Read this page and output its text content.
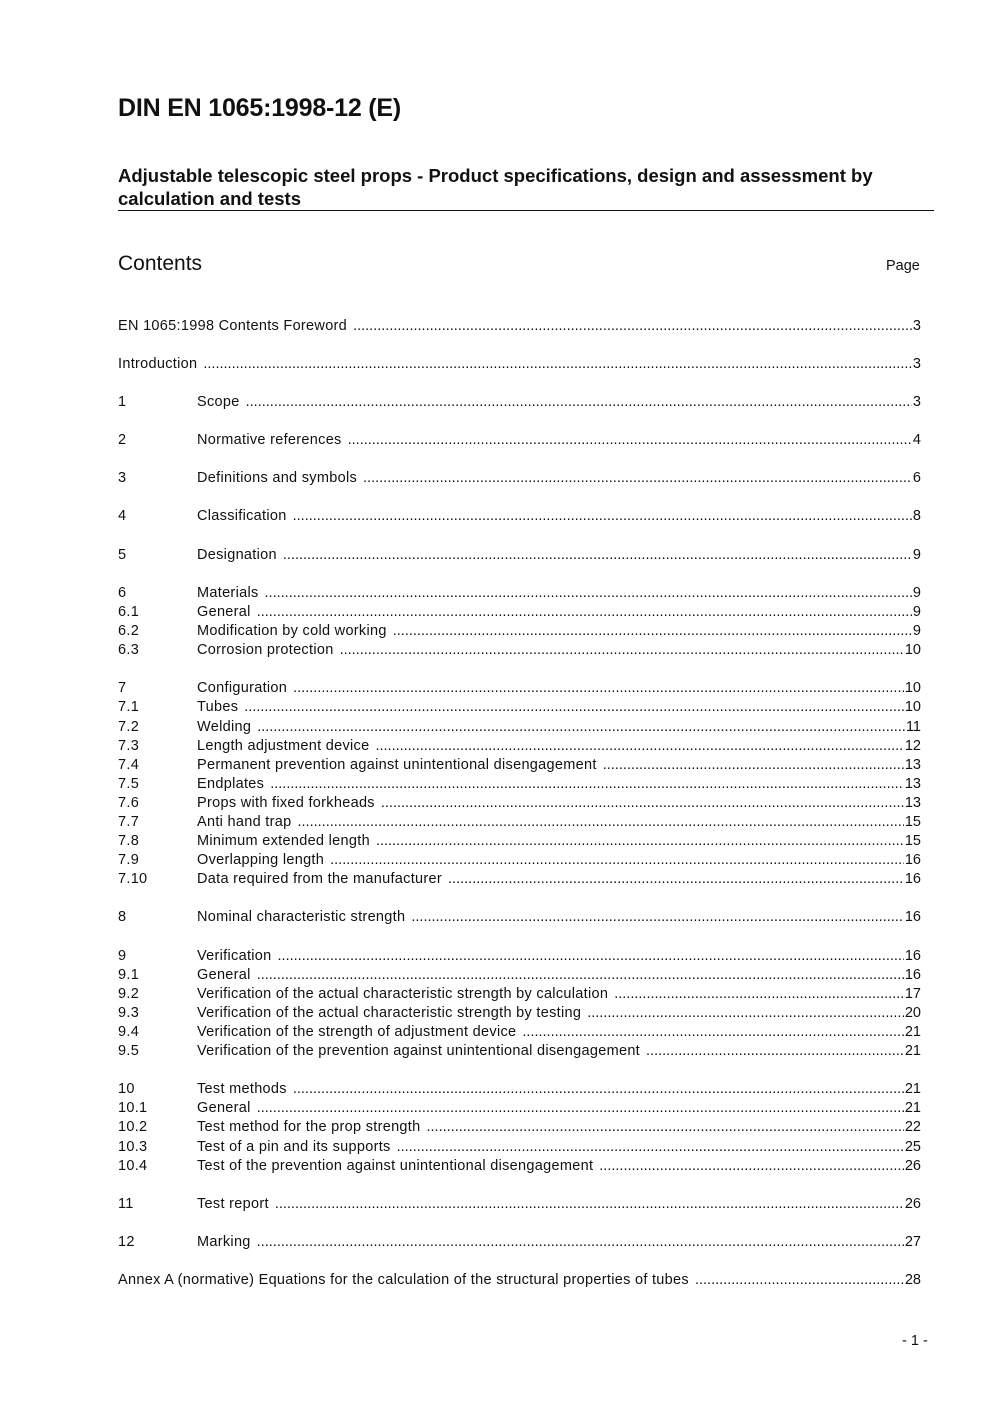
DIN EN 1065:1998-12 (E)
Adjustable telescopic steel props - Product specifications, design and assessment by calculation and tests
Contents	Page
EN 1065:1998 Contents Foreword .....	3
Introduction .....	3
1	Scope .....	3
2	Normative references .....	4
3	Definitions and symbols .....	6
4	Classification .....	8
5	Designation .....	9
6	Materials .....	9
6.1	General .....	9
6.2	Modification by cold working .....	9
6.3	Corrosion protection .....	10
7	Configuration .....	10
7.1	Tubes .....	10
7.2	Welding .....	11
7.3	Length adjustment device .....	12
7.4	Permanent prevention against unintentional disengagement .....	13
7.5	Endplates .....	13
7.6	Props with fixed forkheads .....	13
7.7	Anti hand trap .....	15
7.8	Minimum extended length .....	15
7.9	Overlapping length .....	16
7.10	Data required from the manufacturer .....	16
8	Nominal characteristic strength .....	16
9	Verification .....	16
9.1	General .....	16
9.2	Verification of the actual characteristic strength by calculation .....	17
9.3	Verification of the actual characteristic strength by testing .....	20
9.4	Verification of the strength of adjustment device .....	21
9.5	Verification of the prevention against unintentional disengagement .....	21
10	Test methods .....	21
10.1	General .....	21
10.2	Test method for the prop strength .....	22
10.3	Test of a pin and its supports .....	25
10.4	Test of the prevention against unintentional disengagement .....	26
11	Test report .....	26
12	Marking .....	27
Annex A (normative) Equations for the calculation of the structural properties of tubes .....	28
- 1 -
